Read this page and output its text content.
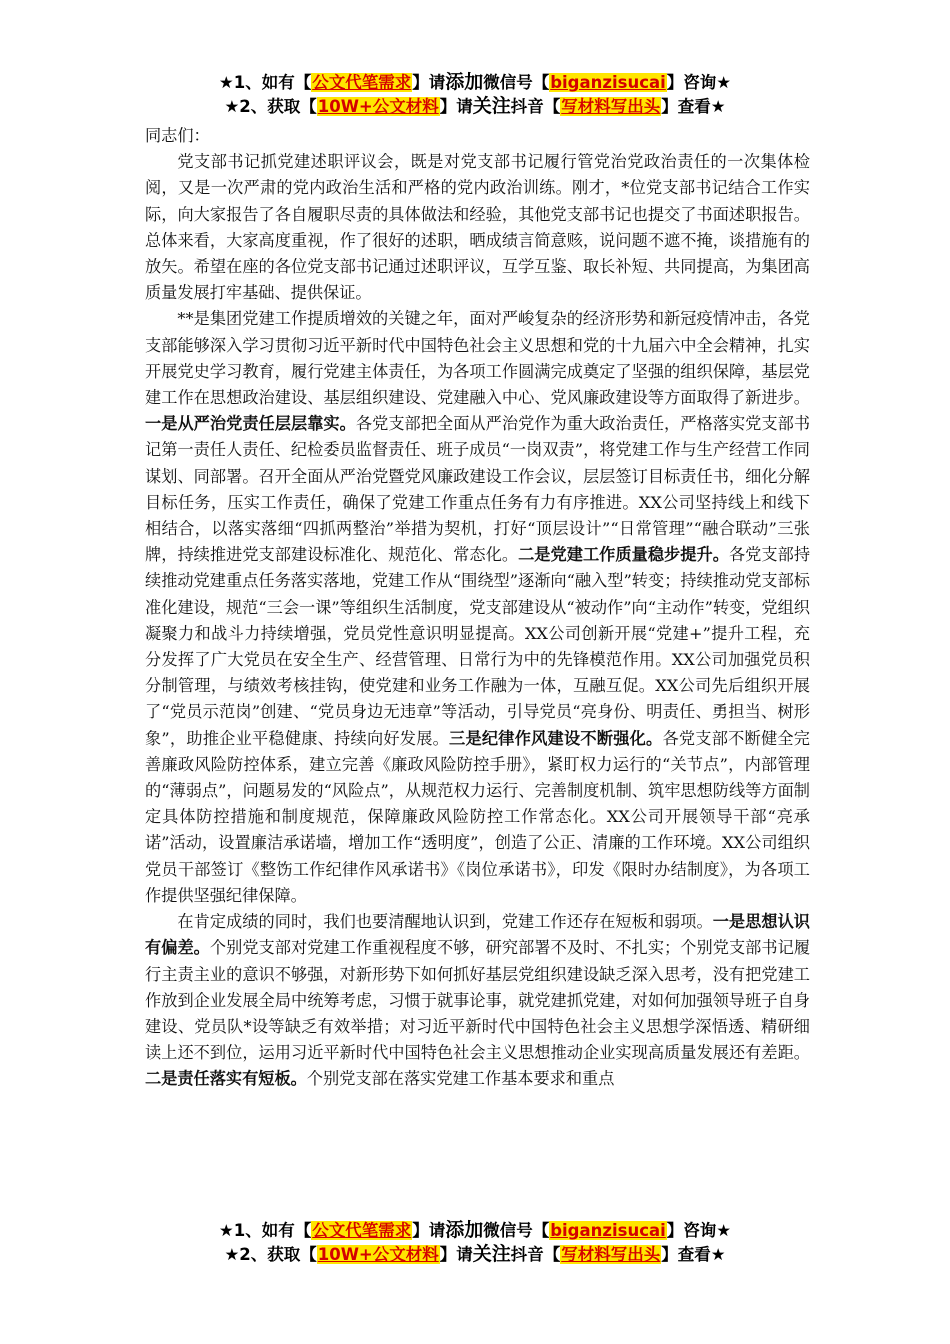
★1、如有【公文代笔需求】请添加微信号【biganzisucai】咨询★
★2、获取【10W+公文材料】请关注抖音【写材料写出头】查看★

同志们：

党支部书记抓党建述职评议会，既是对党支部书记履行管党治党政治责任的一次集体检阅，又是一次严肃的党内政治生活和严格的党内政治训练。刚才，*位党支部书记结合工作实际，向大家报告了各自履职尽责的具体做法和经验，其他党支部书记也提交了书面述职报告。总体来看，大家高度重视，作了很好的述职，晒成绩言简意赅，说问题不遮不掩，谈措施有的放矢。希望在座的各位党支部书记通过述职评议，互学互鉴、取长补短、共同提高，为集团高质量发展打牢基础、提供保证。

**是集团党建工作提质增效的关键之年，面对严峻复杂的经济形势和新冠疫情冲击，各党支部能够深入学习贯彻习近平新时代中国特色社会主义思想和党的十九届六中全会精神，扎实开展党史学习教育，履行党建主体责任，为各项工作圆满完成奠定了坚强的组织保障，基层党建工作在思想政治建设、基层组织建设、党建融入中心、党风廉政建设等方面取得了新进步。一是从严治党责任层层靠实。各党支部把全面从严治党作为重大政治责任，严格落实党支部书记第一责任人责任、纪检委员监督责任、班子成员“一岗双责”，将党建工作与生产经营工作同谋划、同部署。召开全面从严治党暨党风廉政建设工作会议，层层签订目标责任书，细化分解目标任务，压实工作责任，确保了党建工作重点任务有力有序推进。XX公司坚持线上和线下相结合，以落实落细“四抓两整治”举措为契机，打好“顶层设计”“日常管理”“融合联动”三张牌，持续推进党支部建设标准化、规范化、常态化。二是党建工作质量稳步提升。各党支部持续推动党建重点任务落实落地，党建工作从“围绕型”逐渐向“融入型”转变；持续推动党支部标准化建设，规范“三会一课”等组织生活制度，党支部建设从“被动作”向“主动作”转变，党组织凝聚力和战斗力持续增强，党员党性意识明显提高。XX公司创新开展“党建+”提升工程，充分发挥了广大党员在安全生产、经营管理、日常行为中的先锋模范作用。XX公司加强党员积分制管理，与绩效考核挂钩，使党建和业务工作融为一体，互融互促。XX公司先后组织开展了“党员示范岗”创建、“党员身边无违章”等活动，引导党员“亮身份、明责任、勇担当、树形象”，助推企业平稳健康、持续向好发展。三是纪律作风建设不断强化。各党支部不断健全完善廉政风险防控体系，建立完善《廉政风险防控手册》，紧盯权力运行的“关节点”，内部管理的“薄弱点”，问题易发的“风险点”，从规范权力运行、完善制度机制、筑牢思想防线等方面制定具体防控措施和制度规范，保障廉政风险防控工作常态化。XX公司开展领导干部“亮承诺”活动，设置廉洁承诺墙，增加工作“透明度”，创造了公正、清廉的工作环境。XX公司组织党员干部签订《整饬工作纪律作风承诺书》《岗位承诺书》，印发《限时办结制度》，为各项工作提供坚强纪律保障。

在肯定成绩的同时，我们也要清醒地认识到，党建工作还存在短板和弱项。一是思想认识有偏差。个别党支部对党建工作重视程度不够，研究部署不及时、不扎实；个别党支部书记履行主责主业的意识不够强，对新形势下如何抓好基层党组织建设缺乏深入思考，没有把党建工作放到企业发展全局中统筹考虑，习惯于就事论事，就党建抓党建，对如何加强领导班子自身建设、党员队*设等缺乏有效举措；对习近平新时代中国特色社会主义思想学深悟透、精研细读上还不到位，运用习近平新时代中国特色社会主义思想推动企业实现高质量发展还有差距。二是责任落实有短板。个别党支部在落实党建工作基本要求和重点

★1、如有【公文代笔需求】请添加微信号【biganzisucai】咨询★
★2、获取【10W+公文材料】请关注抖音【写材料写出头】查看★
